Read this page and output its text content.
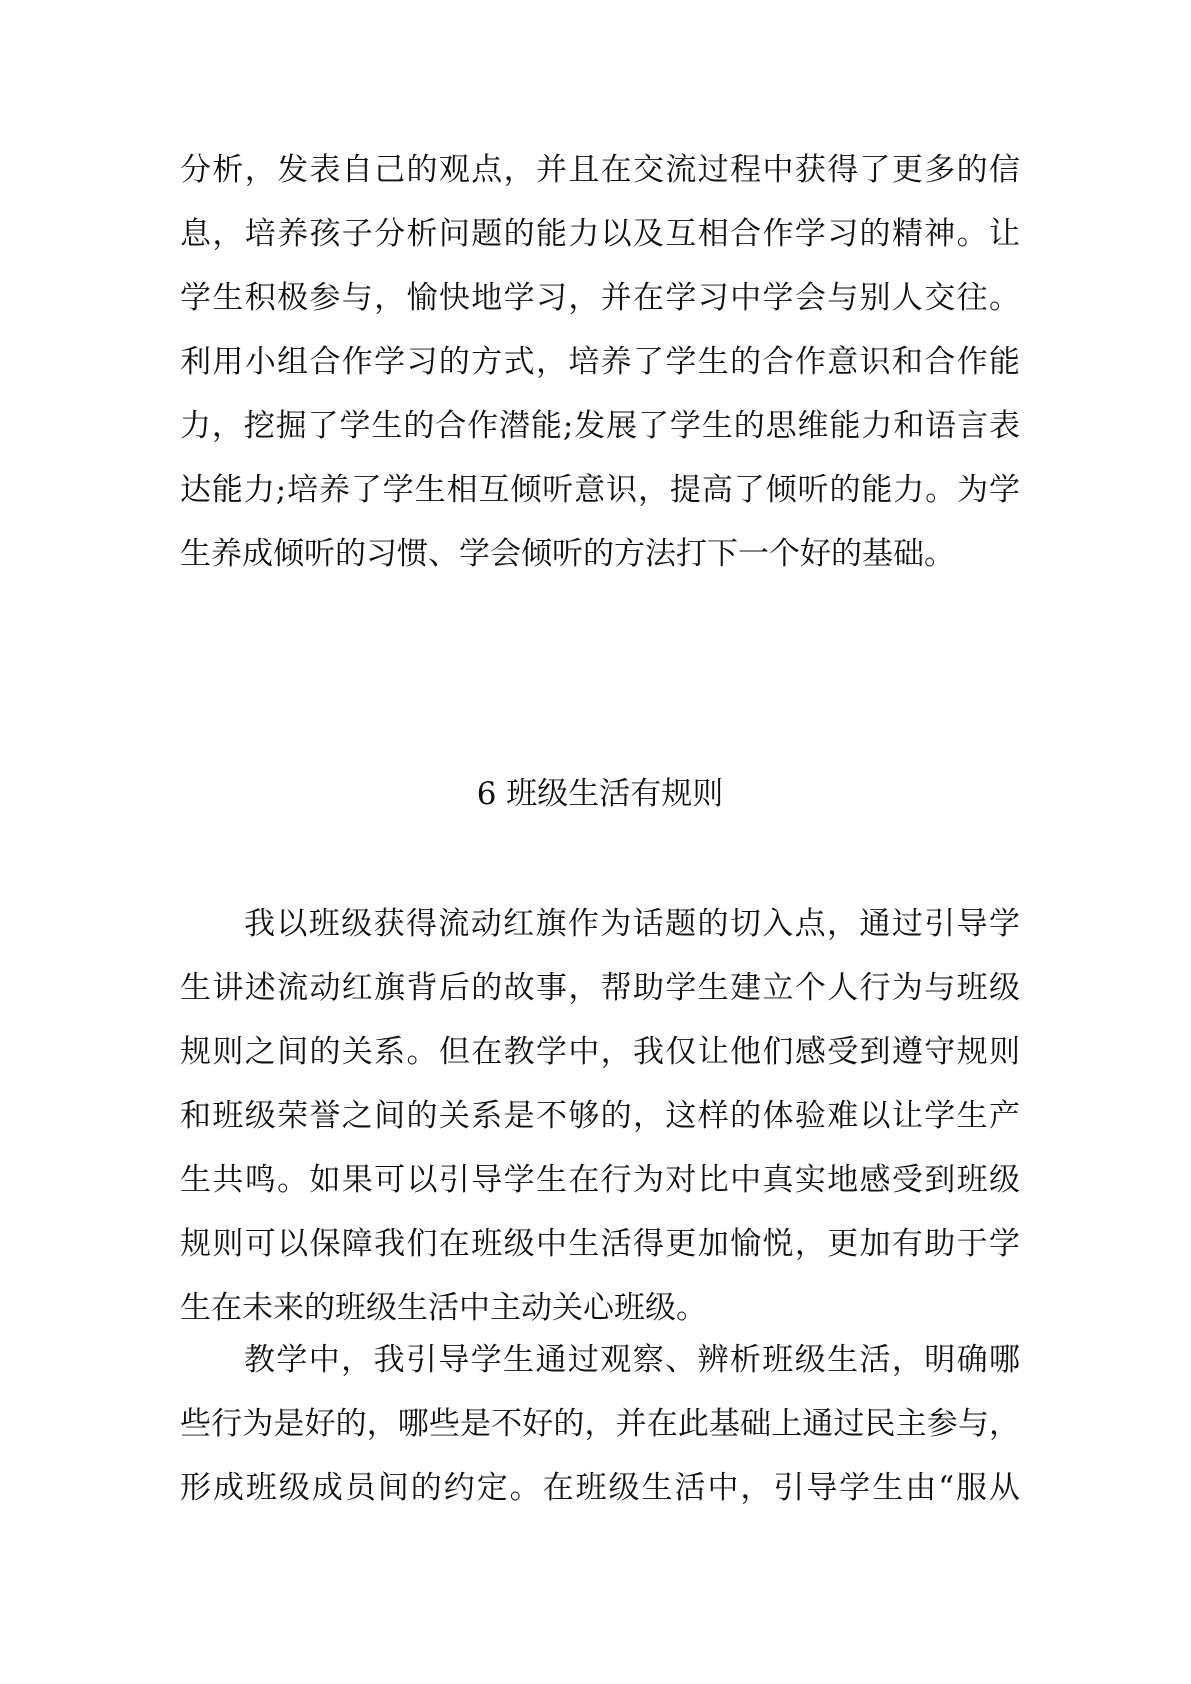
分析，发表自己的观点，并且在交流过程中获得了更多的信
息，培养孩子分析问题的能力以及互相合作学习的精神。让
学生积极参与，愉快地学习，并在学习中学会与别人交往。
利用小组合作学习的方式，培养了学生的合作意识和合作能
力，挖掘了学生的合作潜能;发展了学生的思维能力和语言表
达能力;培养了学生相互倾听意识，提高了倾听的能力。为学
生养成倾听的习惯、学会倾听的方法打下一个好的基础。
6 班级生活有规则
我以班级获得流动红旗作为话题的切入点，通过引导学
生讲述流动红旗背后的故事，帮助学生建立个人行为与班级
规则之间的关系。但在教学中，我仅让他们感受到遵守规则
和班级荣誉之间的关系是不够的，这样的体验难以让学生产
生共鸣。如果可以引导学生在行为对比中真实地感受到班级
规则可以保障我们在班级中生活得更加愉悦，更加有助于学
生在未来的班级生活中主动关心班级。
教学中，我引导学生通过观察、辨析班级生活，明确哪
些行为是好的，哪些是不好的，并在此基础上通过民主参与，
形成班级成员间的约定。在班级生活中，引导学生由“服从
